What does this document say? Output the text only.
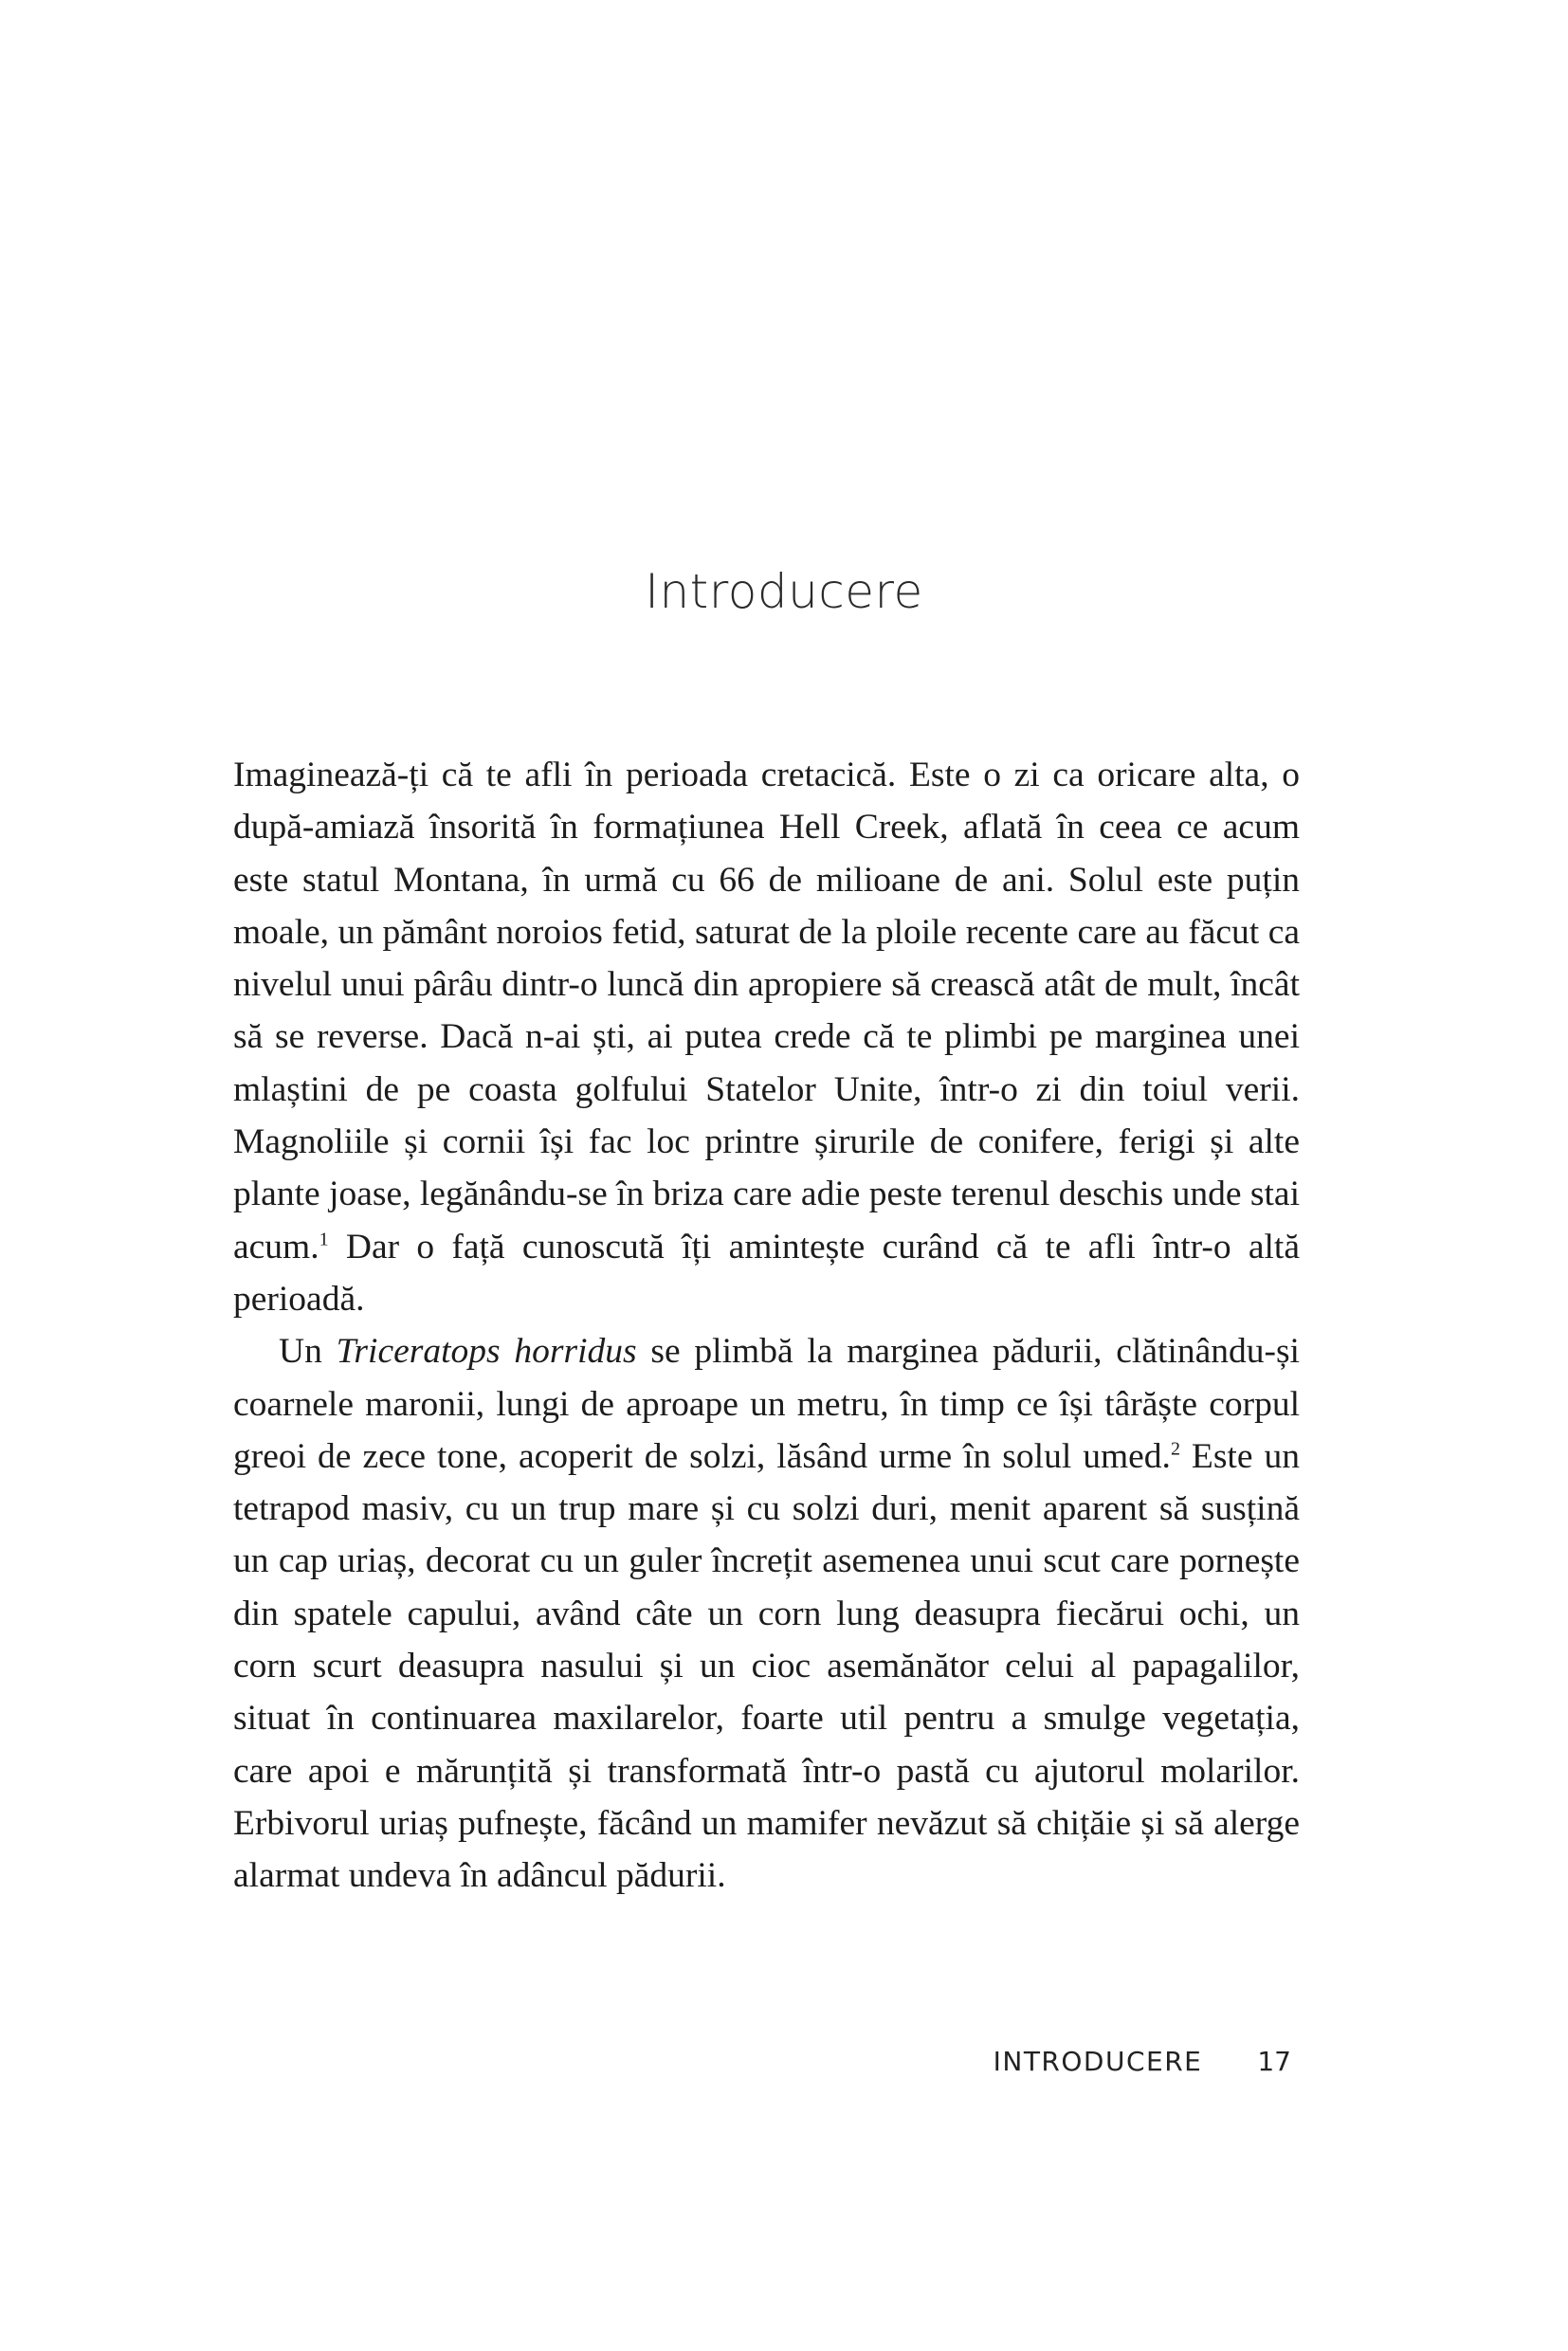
Introducere

Imaginează-ți că te afli în perioada cretacică. Este o zi ca oricare alta, o după-amiază însorită în formațiunea Hell Creek, aflată în ceea ce acum este statul Montana, în urmă cu 66 de milioane de ani. Solul este puțin moale, un pământ noroios fetid, saturat de la ploile recente care au făcut ca nivelul unui pârâu dintr-o luncă din apropiere să crească atât de mult, încât să se reverse. Dacă n-ai ști, ai putea crede că te plimbi pe marginea unei mlaștini de pe coasta golfului Statelor Unite, într-o zi din toiul verii. Magnoliile și cornii își fac loc printre șirurile de conifere, ferigi și alte plante joase, legănându-se în briza care adie peste terenul deschis unde stai acum.$^1$ Dar o față cunoscută îți amintește curând că te afli într-o altă perioadă.

Un Triceratops horridus se plimbă la marginea pădurii, clătinându-și coarnele maronii, lungi de aproape un metru, în timp ce își târăște corpul greoi de zece tone, acoperit de solzi, lăsând urme în solul umed.$^2$ Este un tetrapod masiv, cu un trup mare și cu solzi duri, menit aparent să susțină un cap uriaș, decorat cu un guler încrețit asemenea unui scut care pornește din spatele capului, având câte un corn lung deasupra fiecărui ochi, un corn scurt deasupra nasului și un cioc asemănător celui al papagalilor, situat în continuarea maxilarelor, foarte util pentru a smulge vegetația, care apoi e mărunțită și transformată într-o pastă cu ajutorul molarilor. Erbivorul uriaș pufnește, făcând un mamifer nevăzut să chițăie și să alerge alarmat undeva în adâncul pădurii.

INTRODUCERE 17
